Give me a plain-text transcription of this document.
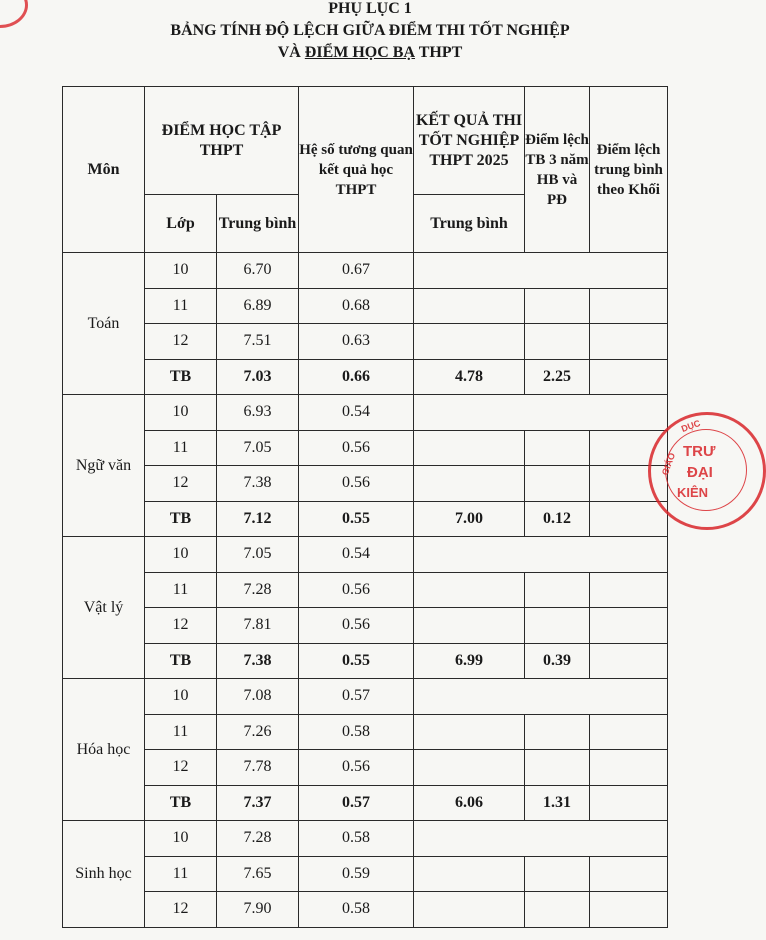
PHỤ LỤC 1
BẢNG TÍNH ĐỘ LỆCH GIỮA ĐIỂM THI TỐT NGHIỆP
VÀ ĐIỂM HỌC BẠ THPT
Môn	ĐIỂM HỌC TẬP THPT		Hệ số tương quan kết quả học THPT	KẾT QUẢ THI TỐT NGHIỆP THPT 2025	Điểm lệch TB 3 năm HB và PĐ	Điểm lệch trung bình theo Khối
	Lớp	Trung bình		Trung bình		
Toán	10	6.70	0.67			
	11	6.89	0.68			
	12	7.51	0.63			
	TB	7.03	0.66	4.78	2.25	
Ngữ văn	10	6.93	0.54			
	11	7.05	0.56			
	12	7.38	0.56			
	TB	7.12	0.55	7.00	0.12	
Vật lý	10	7.05	0.54			
	11	7.28	0.56			
	12	7.81	0.56			
	TB	7.38	0.55	6.99	0.39	
Hóa học	10	7.08	0.57			
	11	7.26	0.58			
	12	7.78	0.56			
	TB	7.37	0.57	6.06	1.31	
Sinh học	10	7.28	0.58			
	11	7.65	0.59			
	12	7.90	0.58			
TRƯ
ĐẠI
KIÊN
GIÁO
DỤC
